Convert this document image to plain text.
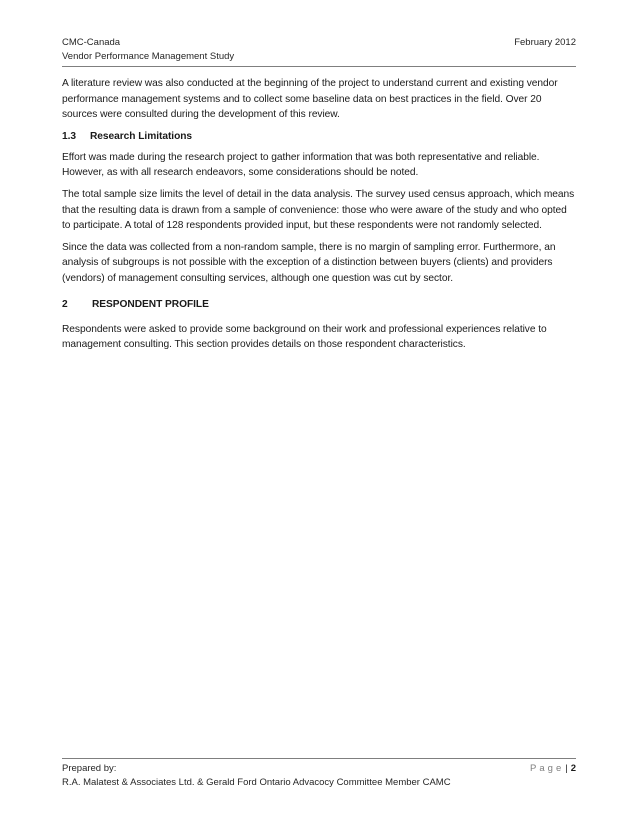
CMC-Canada
Vendor Performance Management Study
February 2012

A literature review was also conducted at the beginning of the project to understand current and existing vendor performance management systems and to collect some baseline data on best practices in the field. Over 20 sources were consulted during the development of this review.

1.3 Research Limitations

Effort was made during the research project to gather information that was both representative and reliable. However, as with all research endeavors, some considerations should be noted.

The total sample size limits the level of detail in the data analysis. The survey used census approach, which means that the resulting data is drawn from a sample of convenience: those who were aware of the study and who opted to participate. A total of 128 respondents provided input, but these respondents were not randomly selected.

Since the data was collected from a non-random sample, there is no margin of sampling error. Furthermore, an analysis of subgroups is not possible with the exception of a distinction between buyers (clients) and providers (vendors) of management consulting services, although one question was cut by sector.

2 RESPONDENT PROFILE

Respondents were asked to provide some background on their work and professional experiences relative to management consulting. This section provides details on those respondent characteristics.

Prepared by:
R.A. Malatest & Associates Ltd. & Gerald Ford Ontario Advacocy Committee Member CAMC
Page| 2
